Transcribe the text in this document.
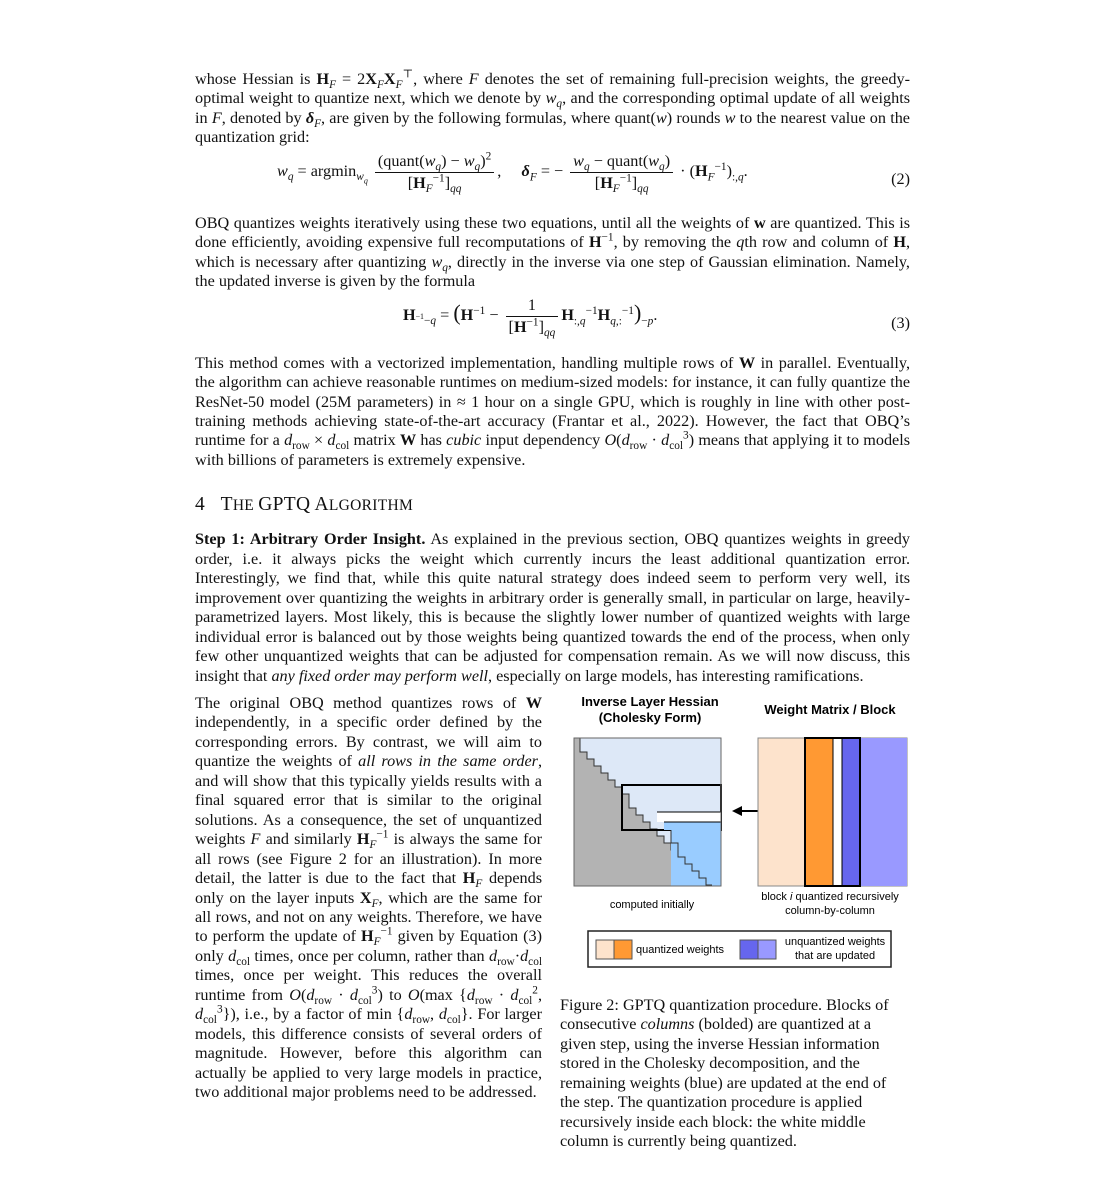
whose Hessian is $H_F = 2X_FX_F^⊤$, where F denotes the set of remaining full-precision weights, the greedy-optimal weight to quantize next, which we denote by $w_q$, and the corresponding optimal update of all weights in F, denoted by $\delta_F$, are given by the following formulas, where quant(w) rounds w to the nearest value on the quantization grid:

$w_q = argmin_{w_q} \frac{(quant(w_q) - w_q)^2}{[H_F^{-1}]_{qq}}$ ,     $\delta_F$ = − $\frac{w_q - quant(w_q)}{[H_F^{-1}]_{qq}} \cdot (H_F^{-1})_{:,q}$.	(2)

OBQ quantizes weights iteratively using these two equations, until all the weights of w are quantized. This is done efficiently, avoiding expensive full recomputations of $H^{-1}$, by removing the qth row and column of H, which is necessary after quantizing $w_q$, directly in the inverse via one step of Gaussian elimination. Namely, the updated inverse is given by the formula

$H_{^{-1}-q} = (H^{-1} - \frac{1}{[H^{-1}]_{qq}} H_{:,q}^{-1}H_{q,:}^{-1})_{-p}$.	(3)

This method comes with a vectorized implementation, handling multiple rows of W in parallel. Eventually, the algorithm can achieve reasonable runtimes on medium-sized models: for instance, it can fully quantize the ResNet-50 model (25M parameters) in ≈ 1 hour on a single GPU, which is roughly in line with other post-training methods achieving state-of-the-art accuracy (Frantar et al., 2022). However, the fact that OBQ’s runtime for a $d_{row} \times d_{col}$ matrix W has cubic input dependency $O(d_{row} \cdot d_{col}^3)$ means that applying it to models with billions of parameters is extremely expensive.

4 THE GPTQ ALGORITHM

Step 1: Arbitrary Order Insight. As explained in the previous section, OBQ quantizes weights in greedy order, i.e. it always picks the weight which currently incurs the least additional quantization error. Interestingly, we find that, while this quite natural strategy does indeed seem to perform very well, its improvement over quantizing the weights in arbitrary order is generally small, in particular on large, heavily-parametrized layers. Most likely, this is because the slightly lower number of quantized weights with large individual error is balanced out by those weights being quantized towards the end of the process, when only few other unquantized weights that can be adjusted for compensation remain. As we will now discuss, this insight that any fixed order may perform well, especially on large models, has interesting ramifications.

The original OBQ method quantizes rows of W independently, in a specific order defined by the corresponding errors. By contrast, we will aim to quantize the weights of all rows in the same order, and will show that this typically yields results with a final squared error that is similar to the original solutions. As a consequence, the set of unquantized weights F and similarly $H_F^{-1}$ is always the same for all rows (see Figure 2 for an illustration). In more detail, the latter is due to the fact that $H_F$ depends only on the layer inputs $X_F$, which are the same for all rows, and not on any weights. Therefore, we have to perform the update of $H_F^{-1}$ given by Equation (3) only $d_{col}$ times, once per column, rather than $d_{row}\cdot d_{col}$ times, once per weight. This reduces the overall runtime from $O(d_{row} \cdot d_{col}^3)$ to O(max {$d_{row} \cdot d_{col}^2$, $d_{col}^3$}), i.e., by a factor of $\min \{d_{row}$, $d_{col}$}. For larger models, this difference consists of several orders of magnitude. However, before this algorithm can actually be applied to very large models in practice, two additional major problems need to be addressed.

Inverse Layer Hessian
(Cholesky Form)
Weight Matrix / Block
computed initially
block i quantized recursively
column-by-column
quantized weights
unquantized weights
that are updated

Figure 2: GPTQ quantization procedure. Blocks of consecutive columns (bolded) are quantized at a given step, using the inverse Hessian information stored in the Cholesky decomposition, and the remaining weights (blue) are updated at the end of the step. The quantization procedure is applied recursively inside each block: the white middle column is currently being quantized.
